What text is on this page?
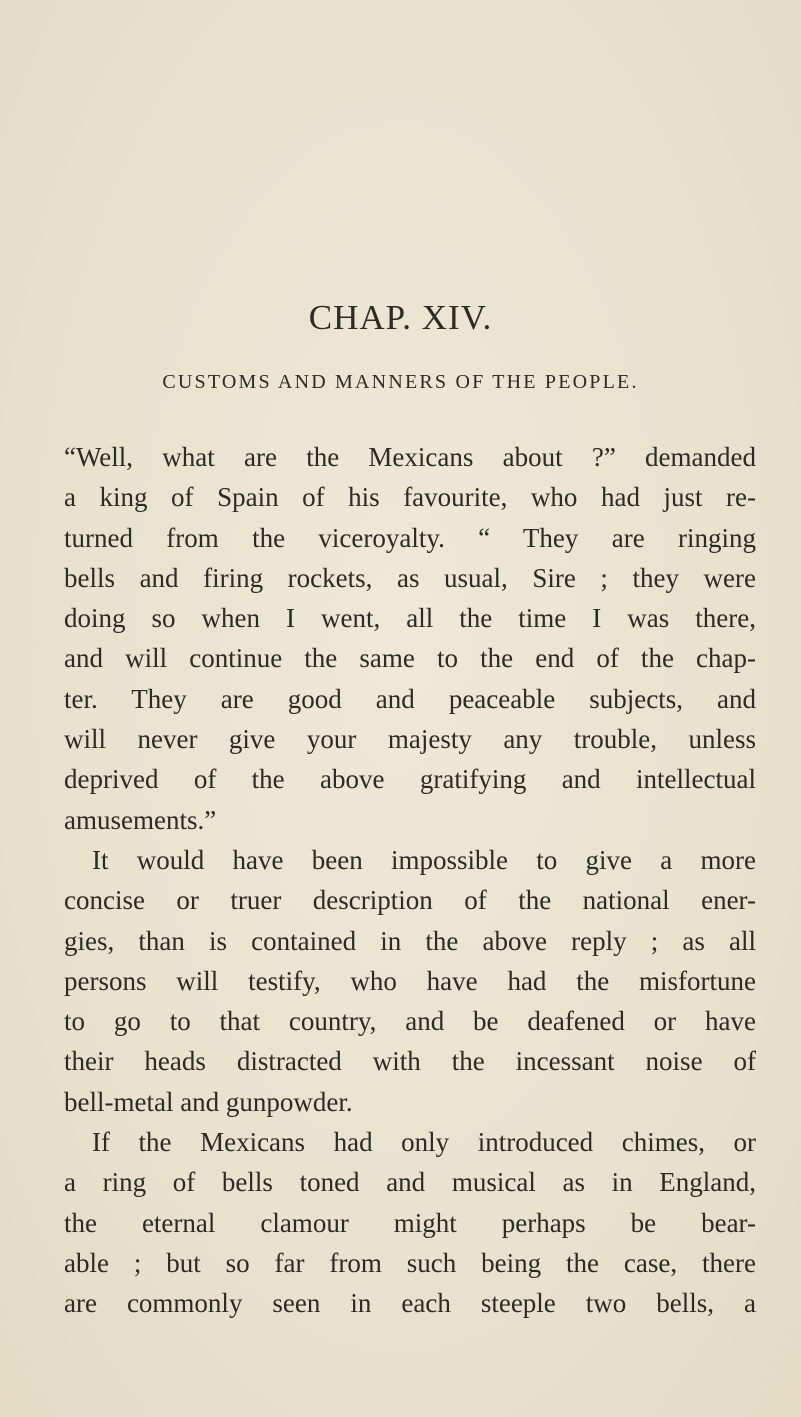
CHAP. XIV.
CUSTOMS AND MANNERS OF THE PEOPLE.
“Well, what are the Mexicans about ?” demanded
a king of Spain of his favourite, who had just re-
turned from the viceroyalty. “ They are ringing
bells and firing rockets, as usual, Sire ; they were
doing so when I went, all the time I was there,
and will continue the same to the end of the chap-
ter. They are good and peaceable subjects, and
will never give your majesty any trouble, unless
deprived of the above gratifying and intellectual
amusements.”
It would have been impossible to give a more
concise or truer description of the national ener-
gies, than is contained in the above reply ; as all
persons will testify, who have had the misfortune
to go to that country, and be deafened or have
their heads distracted with the incessant noise of
bell-metal and gunpowder.
If the Mexicans had only introduced chimes, or
a ring of bells toned and musical as in England,
the eternal clamour might perhaps be bear-
able ; but so far from such being the case, there
are commonly seen in each steeple two bells, a
